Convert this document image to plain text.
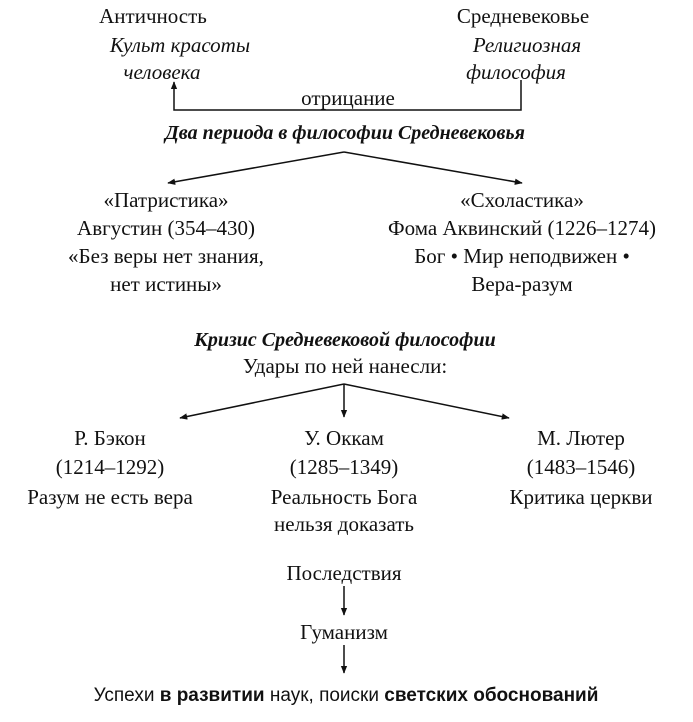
Античность
Культ красоты
человека
Средневековье
Религиозная
философия
отрицание
Два периода в философии Средневековья
«Патристика»
Августин (354–430)
«Без веры нет знания,
нет истины»
«Схоластика»
Фома Аквинский (1226–1274)
Бог • Мир неподвижен •
Вера-разум
Кризис Средневековой философии
Удары по ней нанесли:
Р. Бэкон
(1214–1292)
Разум не есть вера
У. Оккам
(1285–1349)
Реальность Бога
нельзя доказать
М. Лютер
(1483–1546)
Критика церкви
Последствия
Гуманизм
Успехи в развитии наук, поиски светских обоснований
